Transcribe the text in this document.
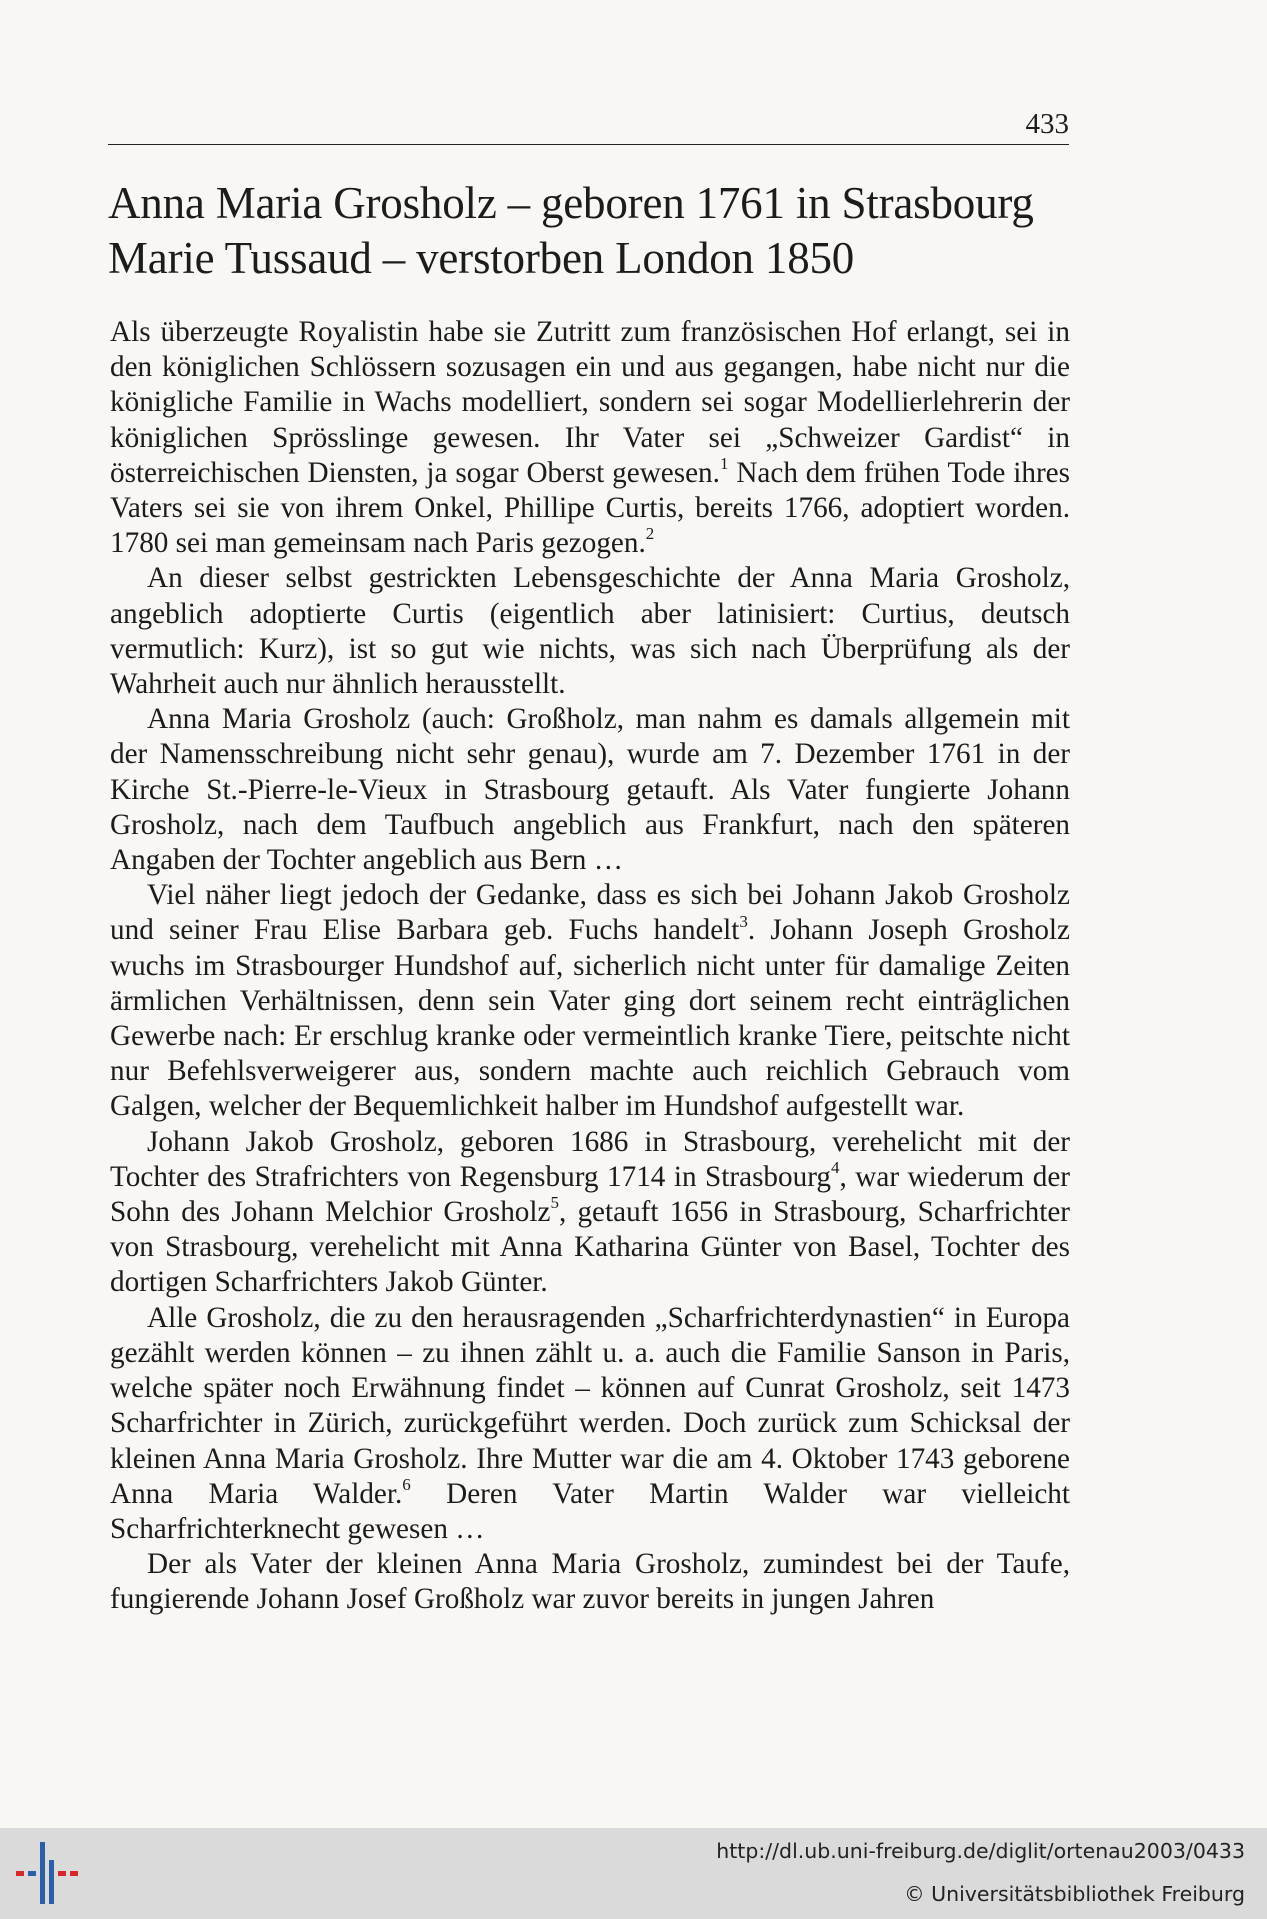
433
Anna Maria Grosholz – geboren 1761 in Strasbourg
Marie Tussaud – verstorben London 1850

Als überzeugte Royalistin habe sie Zutritt zum französischen Hof erlangt, sei in den königlichen Schlössern sozusagen ein und aus gegangen, habe nicht nur die königliche Familie in Wachs modelliert, sondern sei sogar Modellierlehrerin der königlichen Sprösslinge gewesen. Ihr Vater sei „Schweizer Gardist“ in österreichischen Diensten, ja sogar Oberst gewesen.$^1$ Nach dem frühen Tode ihres Vaters sei sie von ihrem Onkel, Phillipe Curtis, bereits 1766, adoptiert worden. 1780 sei man gemeinsam nach Paris gezogen.$^2$

An dieser selbst gestrickten Lebensgeschichte der Anna Maria Grosholz, angeblich adoptierte Curtis (eigentlich aber latinisiert: Curtius, deutsch vermutlich: Kurz), ist so gut wie nichts, was sich nach Überprüfung als der Wahrheit auch nur ähnlich herausstellt.

Anna Maria Grosholz (auch: Großholz, man nahm es damals allgemein mit der Namensschreibung nicht sehr genau), wurde am 7. Dezember 1761 in der Kirche St.-Pierre-le-Vieux in Strasbourg getauft. Als Vater fungierte Johann Grosholz, nach dem Taufbuch angeblich aus Frankfurt, nach den späteren Angaben der Tochter angeblich aus Bern …

Viel näher liegt jedoch der Gedanke, dass es sich bei Johann Jakob Grosholz und seiner Frau Elise Barbara geb. Fuchs handelt$^3$. Johann Joseph Grosholz wuchs im Strasbourger Hundshof auf, sicherlich nicht unter für damalige Zeiten ärmlichen Verhältnissen, denn sein Vater ging dort seinem recht einträglichen Gewerbe nach: Er erschlug kranke oder vermeintlich kranke Tiere, peitschte nicht nur Befehlsverweigerer aus, sondern machte auch reichlich Gebrauch vom Galgen, welcher der Bequemlichkeit halber im Hundshof aufgestellt war.

Johann Jakob Grosholz, geboren 1686 in Strasbourg, verehelicht mit der Tochter des Strafrichters von Regensburg 1714 in Strasbourg$^4$, war wiederum der Sohn des Johann Melchior Grosholz$^5$, getauft 1656 in Strasbourg, Scharfrichter von Strasbourg, verehelicht mit Anna Katharina Günter von Basel, Tochter des dortigen Scharfrichters Jakob Günter.

Alle Grosholz, die zu den herausragenden „Scharfrichterdynastien“ in Europa gezählt werden können – zu ihnen zählt u. a. auch die Familie Sanson in Paris, welche später noch Erwähnung findet – können auf Cunrat Grosholz, seit 1473 Scharfrichter in Zürich, zurückgeführt werden. Doch zurück zum Schicksal der kleinen Anna Maria Grosholz. Ihre Mutter war die am 4. Oktober 1743 geborene Anna Maria Walder.$^6$ Deren Vater Martin Walder war vielleicht Scharfrichterknecht gewesen …

Der als Vater der kleinen Anna Maria Grosholz, zumindest bei der Taufe, fungierende Johann Josef Großholz war zuvor bereits in jungen Jahren

http://dl.ub.uni-freiburg.de/diglit/ortenau2003/0433
© Universitätsbibliothek Freiburg
